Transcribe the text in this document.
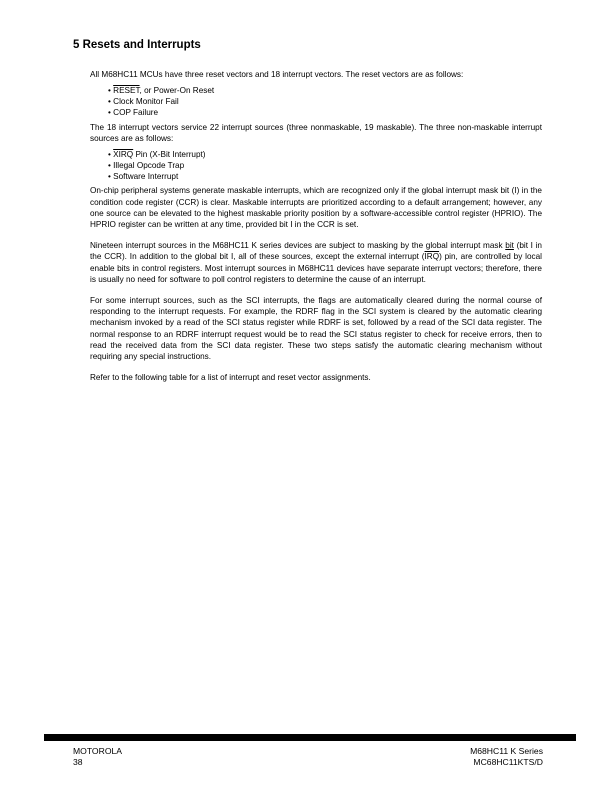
5 Resets and Interrupts

All M68HC11 MCUs have three reset vectors and 18 interrupt vectors. The reset vectors are as follows:

• RESET, or Power-On Reset
• Clock Monitor Fail
• COP Failure

The 18 interrupt vectors service 22 interrupt sources (three nonmaskable, 19 maskable). The three non-maskable interrupt sources are as follows:

• XIRQ Pin (X-Bit Interrupt)
• Illegal Opcode Trap
• Software Interrupt

On-chip peripheral systems generate maskable interrupts, which are recognized only if the global interrupt mask bit (I) in the condition code register (CCR) is clear. Maskable interrupts are prioritized according to a default arrangement; however, any one source can be elevated to the highest maskable priority position by a software-accessible control register (HPRIO). The HPRIO register can be written at any time, provided bit I in the CCR is set.

Nineteen interrupt sources in the M68HC11 K series devices are subject to masking by the global interrupt mask bit (bit I in the CCR). In addition to the global bit I, all of these sources, except the external interrupt $(\overline{IRQ})$ pin, are controlled by local enable bits in control registers. Most interrupt sources in M68HC11 devices have separate interrupt vectors; therefore, there is usually no need for software to poll control registers to determine the cause of an interrupt.

For some interrupt sources, such as the SCI interrupts, the flags are automatically cleared during the normal course of responding to the interrupt requests. For example, the RDRF flag in the SCI system is cleared by the automatic clearing mechanism invoked by a read of the SCI status register while RDRF is set, followed by a read of the SCI data register. The normal response to an RDRF interrupt request would be to read the SCI status register to check for receive errors, then to read the received data from the SCI data register. These two steps satisfy the automatic clearing mechanism without requiring any special instructions.

Refer to the following table for a list of interrupt and reset vector assignments.

MOTOROLA
38
M68HC11 K Series
MC68HC11KTS/D
